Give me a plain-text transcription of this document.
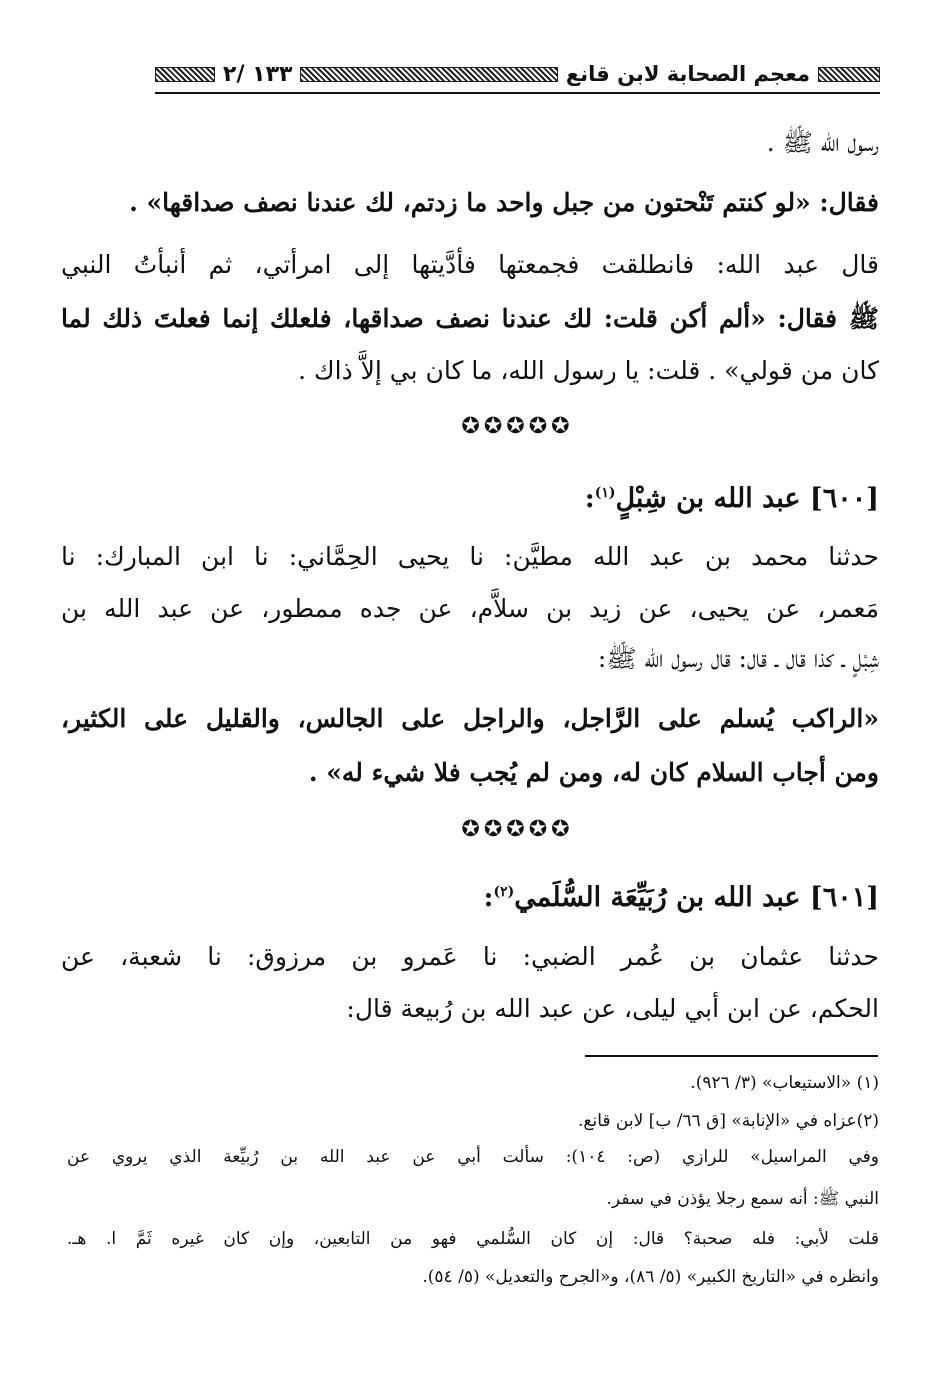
معجم الصحابة لابن قانع
١٣٣ /٢
رسول الله ﷺ .
فقال: «لو كنتم تَنْحتون من جبل واحد ما زدتم، لك عندنا نصف صداقها» .
قال عبد الله: فانطلقت فجمعتها فأدَّيتها إلى امرأتي، ثم أنبأتُ النبي
ﷺ فقال: «ألم أكن قلت: لك عندنا نصف صداقها، فلعلك إنما فعلتَ ذلك لما
كان من قولي» . قلت: يا رسول الله، ما كان بي إلاَّ ذاك .
✪✪✪✪✪
[٦٠٠] عبد الله بن شِبْلٍ$^{(١)}$:
حدثنا محمد بن عبد الله مطيَّن: نا يحيى الحِمَّاني: نا ابن المبارك: نا
مَعمر، عن يحيى، عن زيد بن سلاَّم، عن جده ممطور، عن عبد الله بن
شِبْلٍ ـ كذا قال ـ قال: قال رسول الله ﷺ:
«الراكب يُسلم على الرَّاجل، والراجل على الجالس، والقليل على الكثير،
ومن أجاب السلام كان له، ومن لم يُجب فلا شيء له» .
✪✪✪✪✪
[٦٠١] عبد الله بن رُبَيِّعَة السُّلَمي$^{(٢)}$:
حدثنا عثمان بن عُمر الضبي: نا عَمرو بن مرزوق: نا شعبة، عن
الحكم، عن ابن أبي ليلى، عن عبد الله بن رُبيعة قال:
(١) «الاستيعاب» (٣/ ٩٢٦).
(٢)عزاه في «الإنابة» [ق ٦٦/ ب] لابن قانع.
وفي المراسيل» للرازي (ص: ١٠٤): سألت أبي عن عبد الله بن رُبيِّعة الذي يروي عن
النبي ﷺ: أنه سمع رجلا يؤذن في سفر.
قلت لأبي: فله صحبة؟ قال: إن كان السُّلمي فهو من التابعين، وإن كان غيره ثَمَّ ا. هـ.
وانظره في «التاريخ الكبير» (٥/ ٨٦)، و«الجرح والتعديل» (٥/ ٥٤).
